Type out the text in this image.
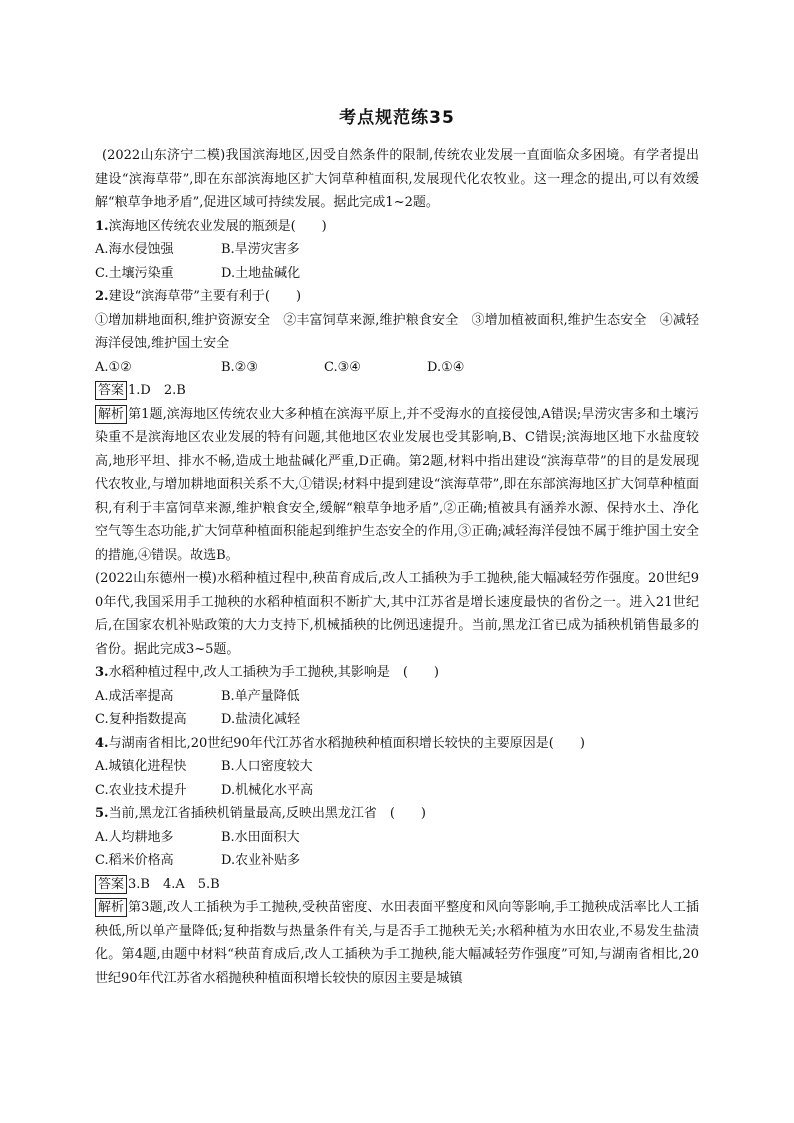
考点规范练35

(2022山东济宁二模)我国滨海地区,因受自然条件的限制,传统农业发展一直面临众多困境。有学者提出建设“滨海草带”,即在东部滨海地区扩大饲草种植面积,发展现代化农牧业。这一理念的提出,可以有效缓解“粮草争地矛盾”,促进区域可持续发展。据此完成1~2题。

1.滨海地区传统农业发展的瓶颈是(　　)

A.海水侵蚀强	B.旱涝灾害多
C.土壤污染重	D.土地盐碱化

2.建设“滨海草带”主要有利于(　　)

①增加耕地面积,维护资源安全　②丰富饲草来源,维护粮食安全　③增加植被面积,维护生态安全　④减轻海洋侵蚀,维护国土安全

A.①②	B.②③	C.③④	D.①④

答案 1.D　2.B

解析 第1题,滨海地区传统农业大多种植在滨海平原上,并不受海水的直接侵蚀,A错误;旱涝灾害多和土壤污染重不是滨海地区农业发展的特有问题,其他地区农业发展也受其影响,B、C错误;滨海地区地下水盐度较高,地形平坦、排水不畅,造成土地盐碱化严重,D正确。第2题,材料中指出建设“滨海草带”的目的是发展现代农牧业,与增加耕地面积关系不大,①错误;材料中提到建设“滨海草带”,即在东部滨海地区扩大饲草种植面积,有利于丰富饲草来源,维护粮食安全,缓解“粮草争地矛盾”,②正确;植被具有涵养水源、保持水土、净化空气等生态功能,扩大饲草种植面积能起到维护生态安全的作用,③正确;减轻海洋侵蚀不属于维护国土安全的措施,④错误。故选B。

(2022山东德州一模)水稻种植过程中,秧苗育成后,改人工插秧为手工抛秧,能大幅减轻劳作强度。20世纪90年代,我国采用手工抛秧的水稻种植面积不断扩大,其中江苏省是增长速度最快的省份之一。进入21世纪后,在国家农机补贴政策的大力支持下,机械插秧的比例迅速提升。当前,黑龙江省已成为插秧机销售最多的省份。据此完成3~5题。

3.水稻种植过程中,改人工插秧为手工抛秧,其影响是　(　　)

A.成活率提高	B.单产量降低
C.复种指数提高	D.盐渍化减轻

4.与湖南省相比,20世纪90年代江苏省水稻抛秧种植面积增长较快的主要原因是(　　)

A.城镇化进程快	B.人口密度较大
C.农业技术提升	D.机械化水平高

5.当前,黑龙江省插秧机销量最高,反映出黑龙江省　(　　)

A.人均耕地多	B.水田面积大
C.稻米价格高	D.农业补贴多

答案 3.B　4.A　5.B

解析 第3题,改人工插秧为手工抛秧,受秧苗密度、水田表面平整度和风向等影响,手工抛秧成活率比人工插秧低,所以单产量降低;复种指数与热量条件有关,与是否手工抛秧无关;水稻种植为水田农业,不易发生盐渍化。第4题,由题中材料“秧苗育成后,改人工插秧为手工抛秧,能大幅减轻劳作强度”可知,与湖南省相比,20世纪90年代江苏省水稻抛秧种植面积增长较快的原因主要是城镇
